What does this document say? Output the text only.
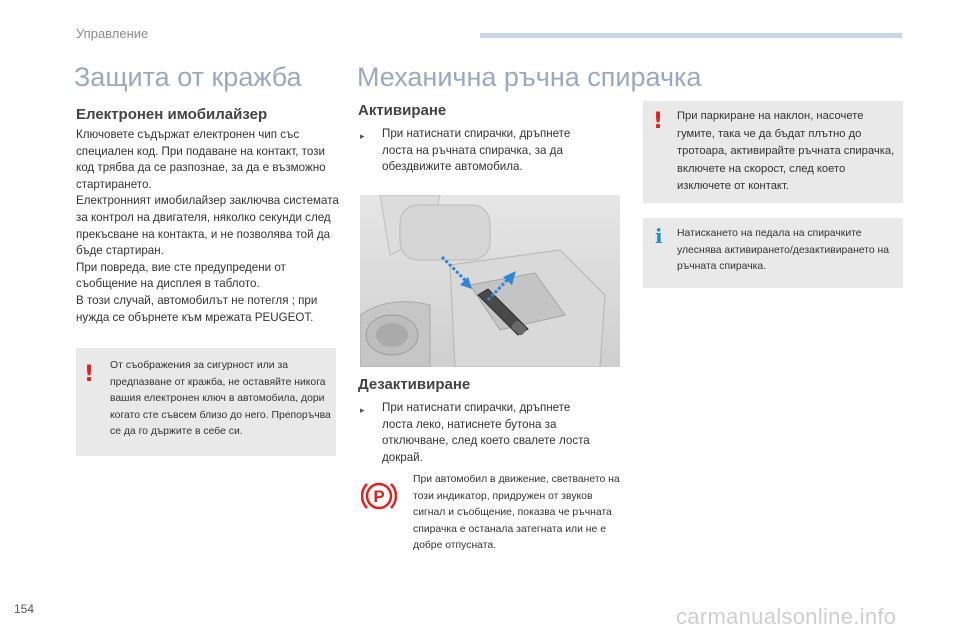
Управление
Защита от кражба
Електронен имобилайзер

Ключовете съдържат електронен чип със специален код. При подаване на контакт, този код трябва да се разпознае, за да е възможно стартирането.

Електронният имобилайзер заключва системата за контрол на двигателя, няколко секунди след прекъсване на контакта, и не позволява той да бъде стартиран.

При повреда, вие сте предупредени от съобщение на дисплея в таблото.

В този случай, автомобилът не потегля ; при нужда се обърнете към мрежата PEUGEOT.

! От съображения за сигурност или за предпазване от кражба, не оставяйте никога вашия електронен ключ в автомобила, дори когато сте съвсем близо до него. Препоръчва се да го държите в себе си.
Механична ръчна спирачка
Активиране
▸	При натиснати спирачки, дръпнете лоста на ръчната спирачка, за да обездвижите автомобила.
Дезактивиране
▸	При натиснати спирачки, дръпнете лоста леко, натиснете бутона за отключване, след което свалете лоста докрай.
P
При автомобил в движение, светването на този индикатор, придружен от звуков сигнал и съобщение, показва че ръчната спирачка е останала затегната или не е добре отпусната.
! При паркиране на наклон, насочете гумите, така че да бъдат плътно до тротоара, активирайте ръчната спирачка, включете на скорост, след което изключете от контакт.
i Натискането на педала на спирачките улеснява активирането/дезактивирането на ръчната спирачка.
154	carmanualsonline.info
